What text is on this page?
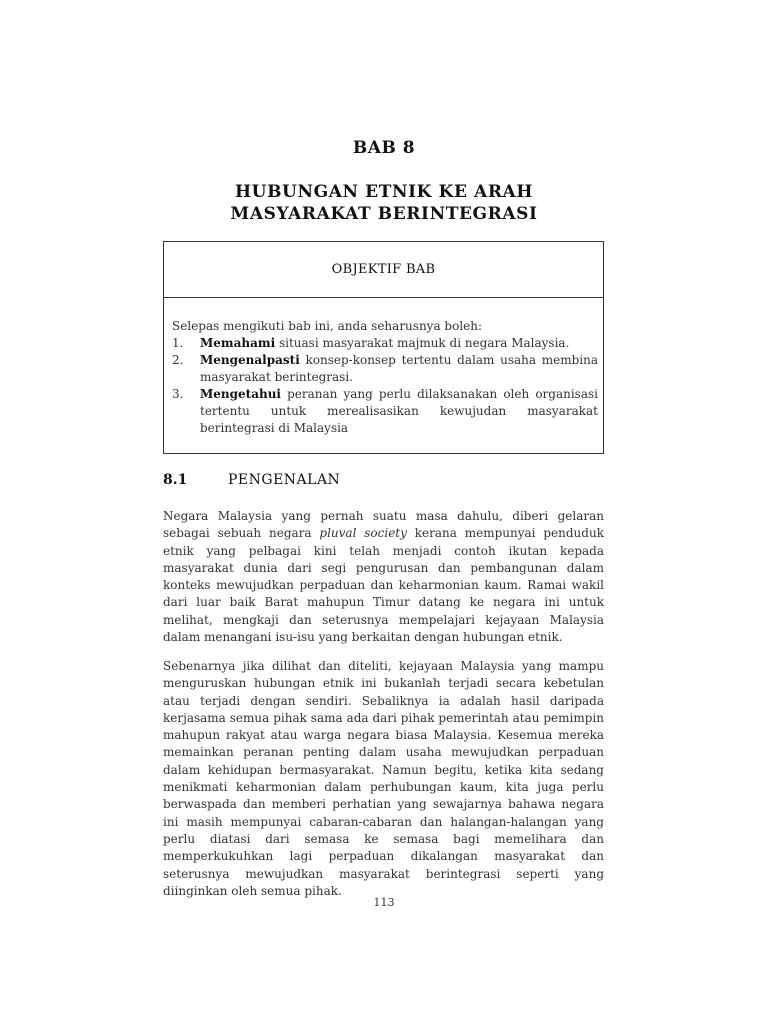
BAB 8
HUBUNGAN ETNIK KE ARAH
MASYARAKAT BERINTEGRASI
OBJEKTIF BAB
Selepas mengikuti bab ini, anda seharusnya boleh:
1.	Memahami situasi masyarakat majmuk di negara Malaysia.
2.	Mengenalpasti konsep-konsep tertentu dalam usaha membina masyarakat berintegrasi.
3.	Mengetahui peranan yang perlu dilaksanakan oleh organisasi tertentu untuk merealisasikan kewujudan masyarakat berintegrasi di Malaysia
8.1	PENGENALAN
Negara Malaysia yang pernah suatu masa dahulu, diberi gelaran sebagai sebuah negara pluval society kerana mempunyai penduduk etnik yang pelbagai kini telah menjadi contoh ikutan kepada masyarakat dunia dari segi pengurusan dan pembangunan dalam konteks mewujudkan perpaduan dan keharmonian kaum. Ramai wakil dari luar baik Barat mahupun Timur datang ke negara ini untuk melihat, mengkaji dan seterusnya mempelajari kejayaan Malaysia dalam menangani isu-isu yang berkaitan dengan hubungan etnik.
Sebenarnya jika dilihat dan diteliti, kejayaan Malaysia yang mampu menguruskan hubungan etnik ini bukanlah terjadi secara kebetulan atau terjadi dengan sendiri. Sebaliknya ia adalah hasil daripada kerjasama semua pihak sama ada dari pihak pemerintah atau pemimpin mahupun rakyat atau warga negara biasa Malaysia. Kesemua mereka memainkan peranan penting dalam usaha mewujudkan perpaduan dalam kehidupan bermasyarakat. Namun begitu, ketika kita sedang menikmati keharmonian dalam perhubungan kaum, kita juga perlu berwaspada dan memberi perhatian yang sewajarnya bahawa negara ini masih mempunyai cabaran-cabaran dan halangan-halangan yang perlu diatasi dari semasa ke semasa bagi memelihara dan memperkukuhkan lagi perpaduan dikalangan masyarakat dan seterusnya mewujudkan masyarakat berintegrasi seperti yang diinginkan oleh semua pihak.
113
